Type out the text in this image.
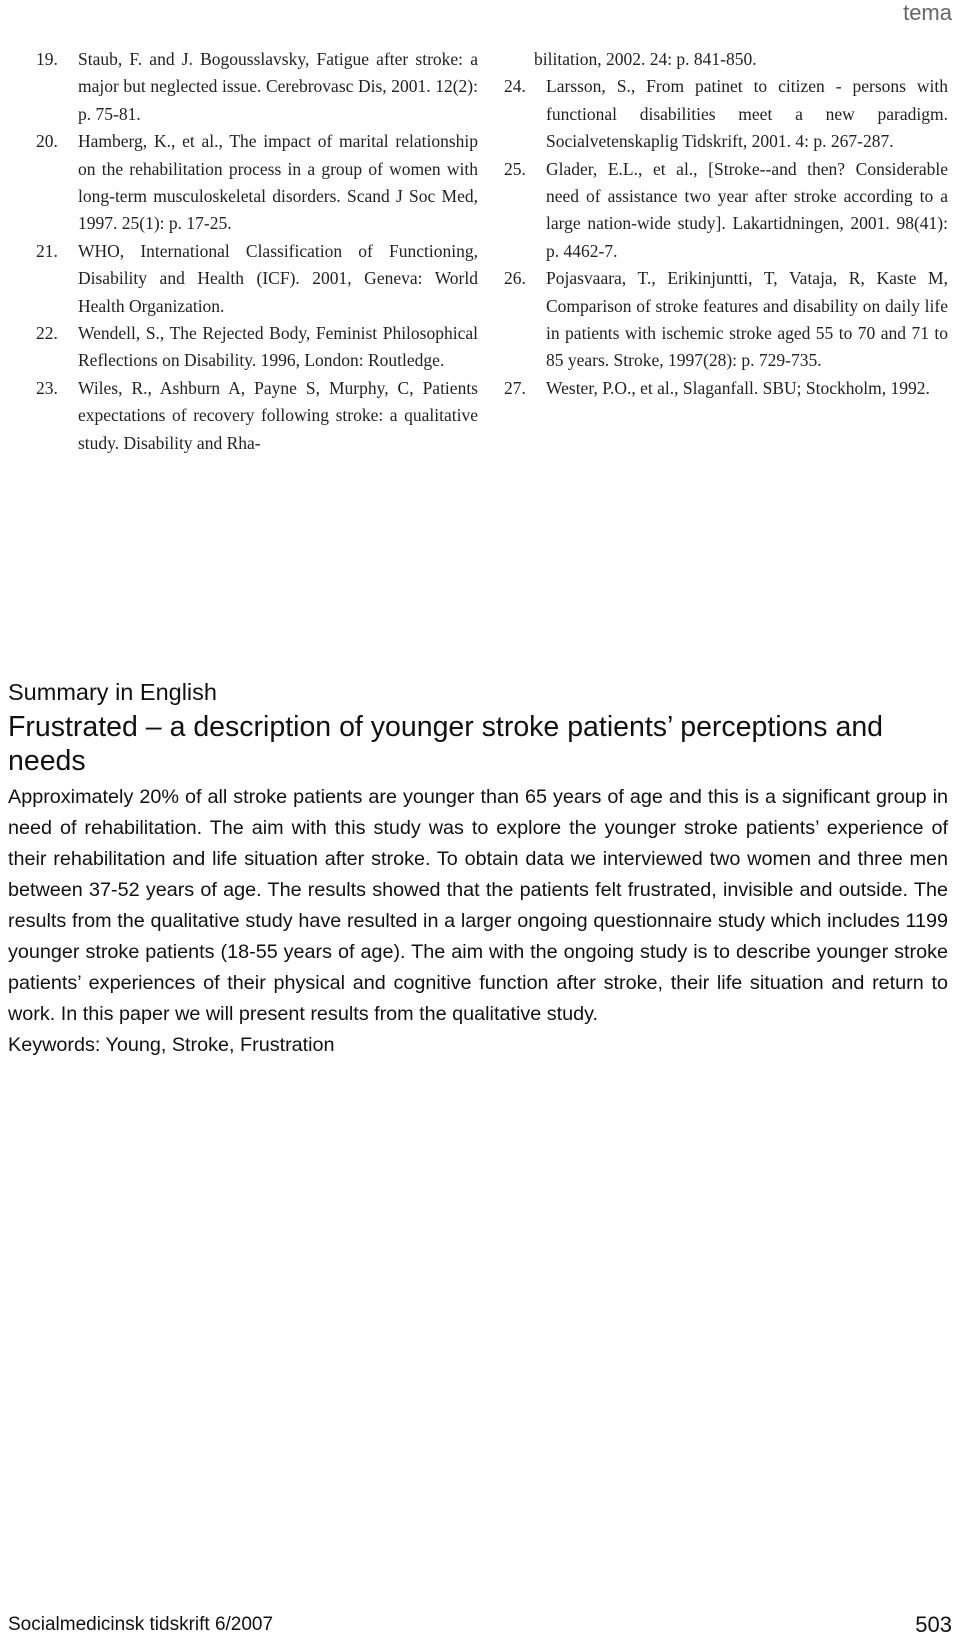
tema
19.	Staub, F. and J. Bogousslavsky, Fatigue after stroke: a major but neglected issue. Cerebrovasc Dis, 2001. 12(2): p. 75-81.
20.	Hamberg, K., et al., The impact of marital relationship on the rehabilitation process in a group of women with long-term musculoskeletal disorders. Scand J Soc Med, 1997. 25(1): p. 17-25.
21.	WHO, International Classification of Functioning, Disability and Health (ICF). 2001, Geneva: World Health Organization.
22.	Wendell, S., The Rejected Body, Feminist Philosophical Reflections on Disability. 1996, London: Routledge.
23.	Wiles, R., Ashburn A, Payne S, Murphy, C, Patients expectations of recovery following stroke: a qualitative study. Disability and Rha-
bilitation, 2002. 24: p. 841-850.
24.	Larsson, S., From patinet to citizen - persons with functional disabilities meet a new paradigm. Socialvetenskaplig Tidskrift, 2001. 4: p. 267-287.
25.	Glader, E.L., et al., [Stroke--and then? Considerable need of assistance two year after stroke according to a large nation-wide study]. Lakartidningen, 2001. 98(41): p. 4462-7.
26.	Pojasvaara, T., Erikinjuntti, T, Vataja, R, Kaste M, Comparison of stroke features and disability on daily life in patients with ischemic stroke aged 55 to 70 and 71 to 85 years. Stroke, 1997(28): p. 729-735.
27.	Wester, P.O., et al., Slaganfall. SBU; Stockholm, 1992.
Summary in English
Frustrated – a description of younger stroke patients’ perceptions and needs

Approximately 20% of all stroke patients are younger than 65 years of age and this is a significant group in need of rehabilitation. The aim with this study was to explore the younger stroke patients’ experience of their rehabilitation and life situation after stroke. To obtain data we interviewed two women and three men between 37-52 years of age. The results showed that the patients felt frustrated, invisible and outside. The results from the qualitative study have resulted in a larger ongoing questionnaire study which includes 1199 younger stroke patients (18-55 years of age). The aim with the ongoing study is to describe younger stroke patients’ experiences of their physical and cognitive function after stroke, their life situation and return to work. In this paper we will present results from the qualitative study.

Keywords: Young, Stroke, Frustration

Socialmedicinsk tidskrift 6/2007	503
